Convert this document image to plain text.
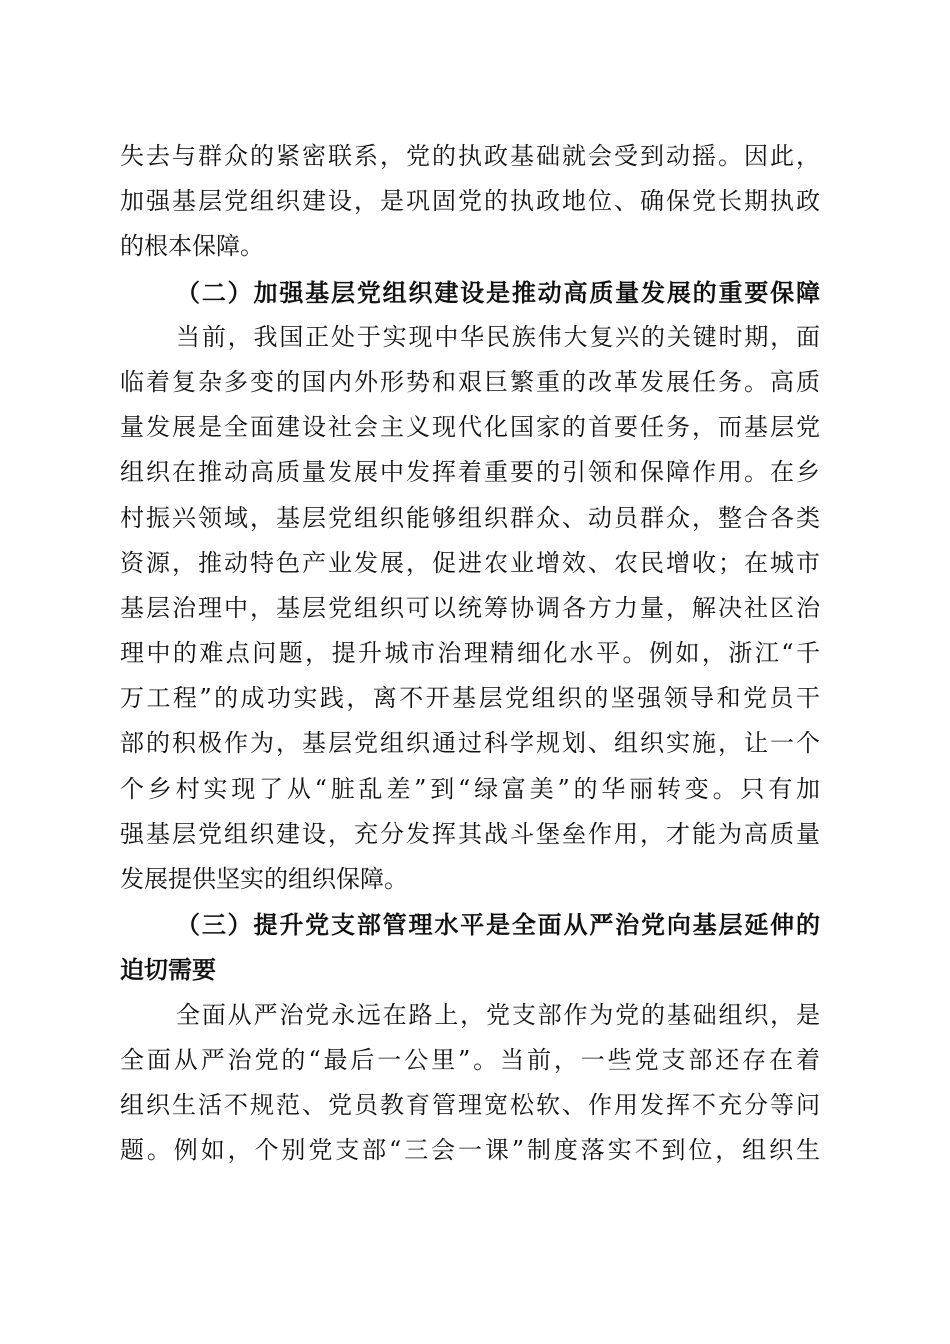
失去与群众的紧密联系，党的执政基础就会受到动摇。因此，
加强基层党组织建设，是巩固党的执政地位、确保党长期执政
的根本保障。
（二）加强基层党组织建设是推动高质量发展的重要保障
当前，我国正处于实现中华民族伟大复兴的关键时期，面
临着复杂多变的国内外形势和艰巨繁重的改革发展任务。高质
量发展是全面建设社会主义现代化国家的首要任务，而基层党
组织在推动高质量发展中发挥着重要的引领和保障作用。在乡
村振兴领域，基层党组织能够组织群众、动员群众，整合各类
资源，推动特色产业发展，促进农业增效、农民增收；在城市
基层治理中，基层党组织可以统筹协调各方力量，解决社区治
理中的难点问题，提升城市治理精细化水平。例如，浙江“千
万工程”的成功实践，离不开基层党组织的坚强领导和党员干
部的积极作为，基层党组织通过科学规划、组织实施，让一个
个乡村实现了从“脏乱差”到“绿富美”的华丽转变。只有加
强基层党组织建设，充分发挥其战斗堡垒作用，才能为高质量
发展提供坚实的组织保障。
（三）提升党支部管理水平是全面从严治党向基层延伸的
迫切需要
全面从严治党永远在路上，党支部作为党的基础组织，是
全面从严治党的“最后一公里”。当前，一些党支部还存在着
组织生活不规范、党员教育管理宽松软、作用发挥不充分等问
题。例如，个别党支部“三会一课”制度落实不到位，组织生
